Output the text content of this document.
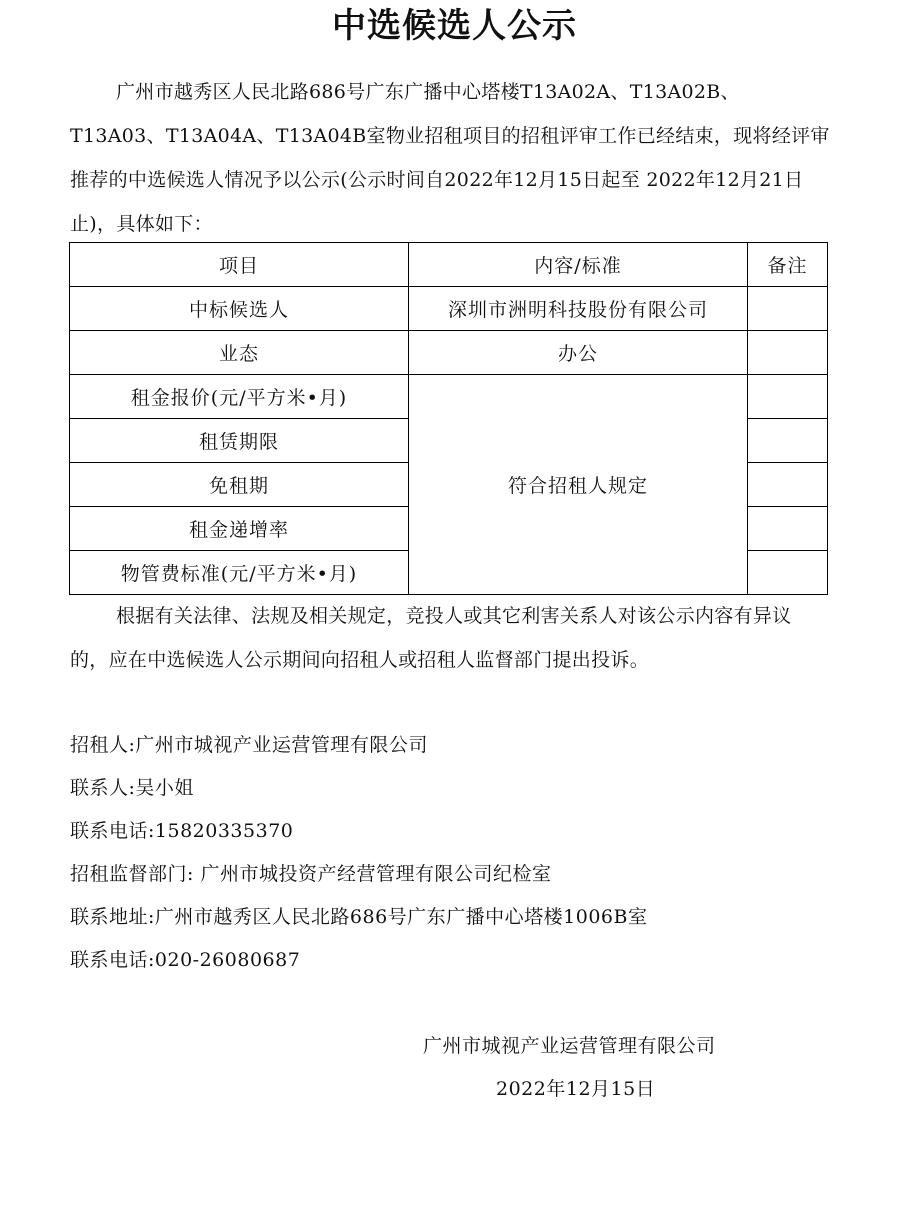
中选候选人公示

广州市越秀区人民北路686号广东广播中心塔楼T13A02A、T13A02B、T13A03、T13A04A、T13A04B室物业招租项目的招租评审工作已经结束，现将经评审推荐的中选候选人情况予以公示(公示时间自2022年12月15日起至 2022年12月21日止)，具体如下：

项目	内容/标准	备注
中标候选人	深圳市洲明科技股份有限公司	
业态	办公	
租金报价(元/平方米•月)	符合招租人规定	
租赁期限		
免租期		
租金递增率		
物管费标准(元/平方米•月)		

根据有关法律、法规及相关规定，竞投人或其它利害关系人对该公示内容有异议的，应在中选候选人公示期间向招租人或招租人监督部门提出投诉。

招租人:广州市城视产业运营管理有限公司
联系人:吴小姐
联系电话:15820335370
招租监督部门: 广州市城投资产经营管理有限公司纪检室
联系地址:广州市越秀区人民北路686号广东广播中心塔楼1006B室
联系电话:020-26080687
广州市城视产业运营管理有限公司
2022年12月15日
